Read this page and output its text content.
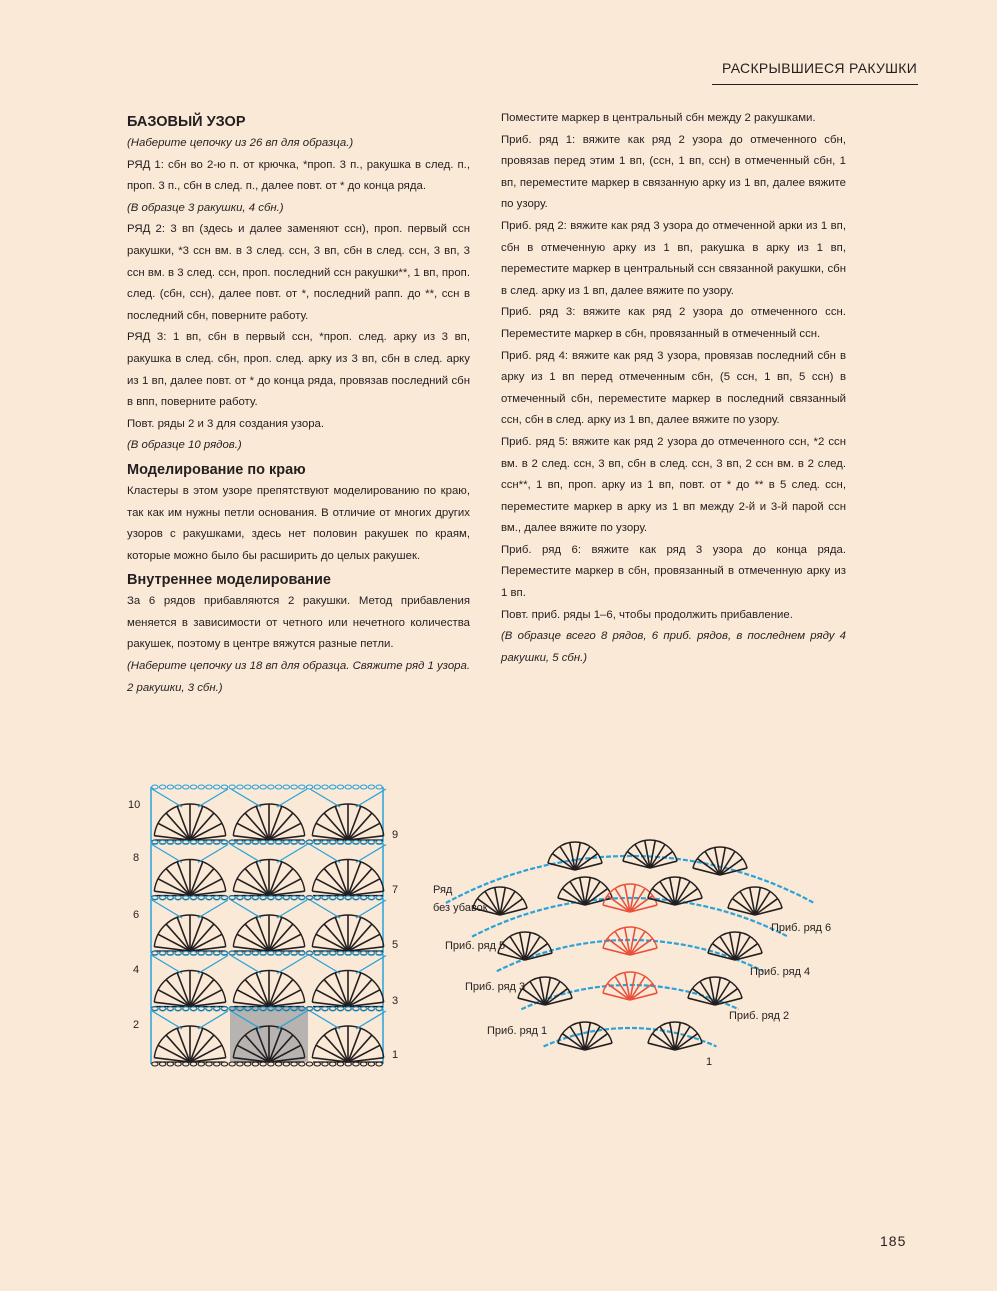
РАСКРЫВШИЕСЯ РАКУШКИ
БАЗОВЫЙ УЗОР

(Наберите цепочку из 26 вп для образца.)

РЯД 1: сбн во 2-ю п. от крючка, *проп. 3 п., ракушка в след. п., проп. 3 п., сбн в след. п., далее повт. от * до конца ряда.

(В образце 3 ракушки, 4 сбн.)

РЯД 2: 3 вп (здесь и далее заменяют ссн), проп. первый ссн ракушки, *3 ссн вм. в 3 след. ссн, 3 вп, сбн в след. ссн, 3 вп, 3 ссн вм. в 3 след. ссн, проп. последний ссн ракушки**, 1 вп, проп. след. (сбн, ссн), далее повт. от *, последний рапп. до **, ссн в последний сбн, поверните работу.

РЯД 3: 1 вп, сбн в первый ссн, *проп. след. арку из 3 вп, ракушка в след. сбн, проп. след. арку из 3 вп, сбн в след. арку из 1 вп, далее повт. от * до конца ряда, провязав последний сбн в впп, поверните работу.

Повт. ряды 2 и 3 для создания узора.

(В образце 10 рядов.)

Моделирование по краю

Кластеры в этом узоре препятствуют моделированию по краю, так как им нужны петли основания. В отличие от многих других узоров с ракушками, здесь нет половин ракушек по краям, которые можно было бы расширить до целых ракушек.

Внутреннее моделирование

За 6 рядов прибавляются 2 ракушки. Метод прибавления меняется в зависимости от четного или нечетного количества ракушек, поэтому в центре вяжутся разные петли.

(Наберите цепочку из 18 вп для образца. Свяжите ряд 1 узора. 2 ракушки, 3 сбн.)

Поместите маркер в центральный сбн между 2 ракушками.

Приб. ряд 1: вяжите как ряд 2 узора до отмеченного сбн, провязав перед этим 1 вп, (ссн, 1 вп, ссн) в отмеченный сбн, 1 вп, переместите маркер в связанную арку из 1 вп, далее вяжите по узору.

Приб. ряд 2: вяжите как ряд 3 узора до отмеченной арки из 1 вп, сбн в отмеченную арку из 1 вп, ракушка в арку из 1 вп, переместите маркер в центральный ссн связанной ракушки, сбн в след. арку из 1 вп, далее вяжите по узору.

Приб. ряд 3: вяжите как ряд 2 узора до отмеченного ссн. Переместите маркер в сбн, провязанный в отмеченный ссн.

Приб. ряд 4: вяжите как ряд 3 узора, провязав последний сбн в арку из 1 вп перед отмеченным сбн, (5 ссн, 1 вп, 5 ссн) в отмеченный сбн, переместите маркер в последний связанный ссн, сбн в след. арку из 1 вп, далее вяжите по узору.

Приб. ряд 5: вяжите как ряд 2 узора до отмеченного ссн, *2 ссн вм. в 2 след. ссн, 3 вп, сбн в след. ссн, 3 вп, 2 ссн вм. в 2 след. ссн**, 1 вп, проп. арку из 1 вп, повт. от * до ** в 5 след. ссн, переместите маркер в арку из 1 вп между 2-й и 3-й парой ссн вм., далее вяжите по узору.

Приб. ряд 6: вяжите как ряд 3 узора до конца ряда. Переместите маркер в сбн, провязанный в отмеченную арку из 1 вп.

Повт. приб. ряды 1–6, чтобы продолжить прибавление.

(В образце всего 8 рядов, 6 приб. рядов, в последнем ряду 4 ракушки, 5 сбн.)

10
8
6
4
2
9
7
5
3
1
Ряд
без убавок
Приб. ряд 6
Приб. ряд 5
Приб. ряд 4
Приб. ряд 3
Приб. ряд 2
Приб. ряд 1
1
185
